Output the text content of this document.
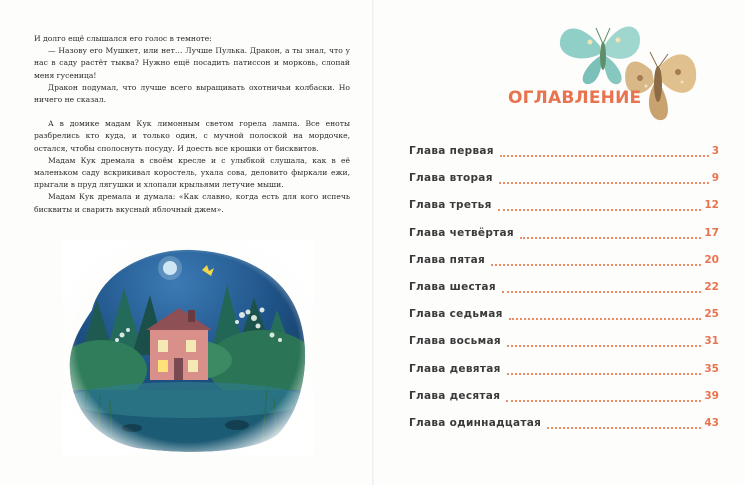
И долго ещё слышался его голос в темноте:

— Назову его Мушкет, или нет… Лучше Пулька. Дракон, а ты знал, что у нас в саду растёт тыква? Нужно ещё посадить патиссон и морковь, слопай меня гусеница!

Дракон подумал, что лучше всего выращивать охотничьи колбаски. Но ничего не сказал.

А в домике мадам Кук лимонным светом горела лампа. Все еноты разбрелись кто куда, и только один, с мучной полоской на мордочке, остался, чтобы сполоснуть посуду. И доесть все крошки от бисквитов.

Мадам Кук дремала в своём кресле и с улыбкой слушала, как в её маленьком саду вскрикивал коростель, ухала сова, деловито фыркали ежи, прыгали в пруд лягушки и хлопали крыльями летучие мыши.

Мадам Кук дремала и думала: «Как славно, когда есть для кого испечь бисквиты и сварить вкусный яблочный джем».

ОГЛАВЛЕНИЕ
Глава первая	3
Глава вторая	9
Глава третья	12
Глава четвёртая	17
Глава пятая	20
Глава шестая	22
Глава седьмая	25
Глава восьмая	31
Глава девятая	35
Глава десятая	39
Глава одиннадцатая	43
